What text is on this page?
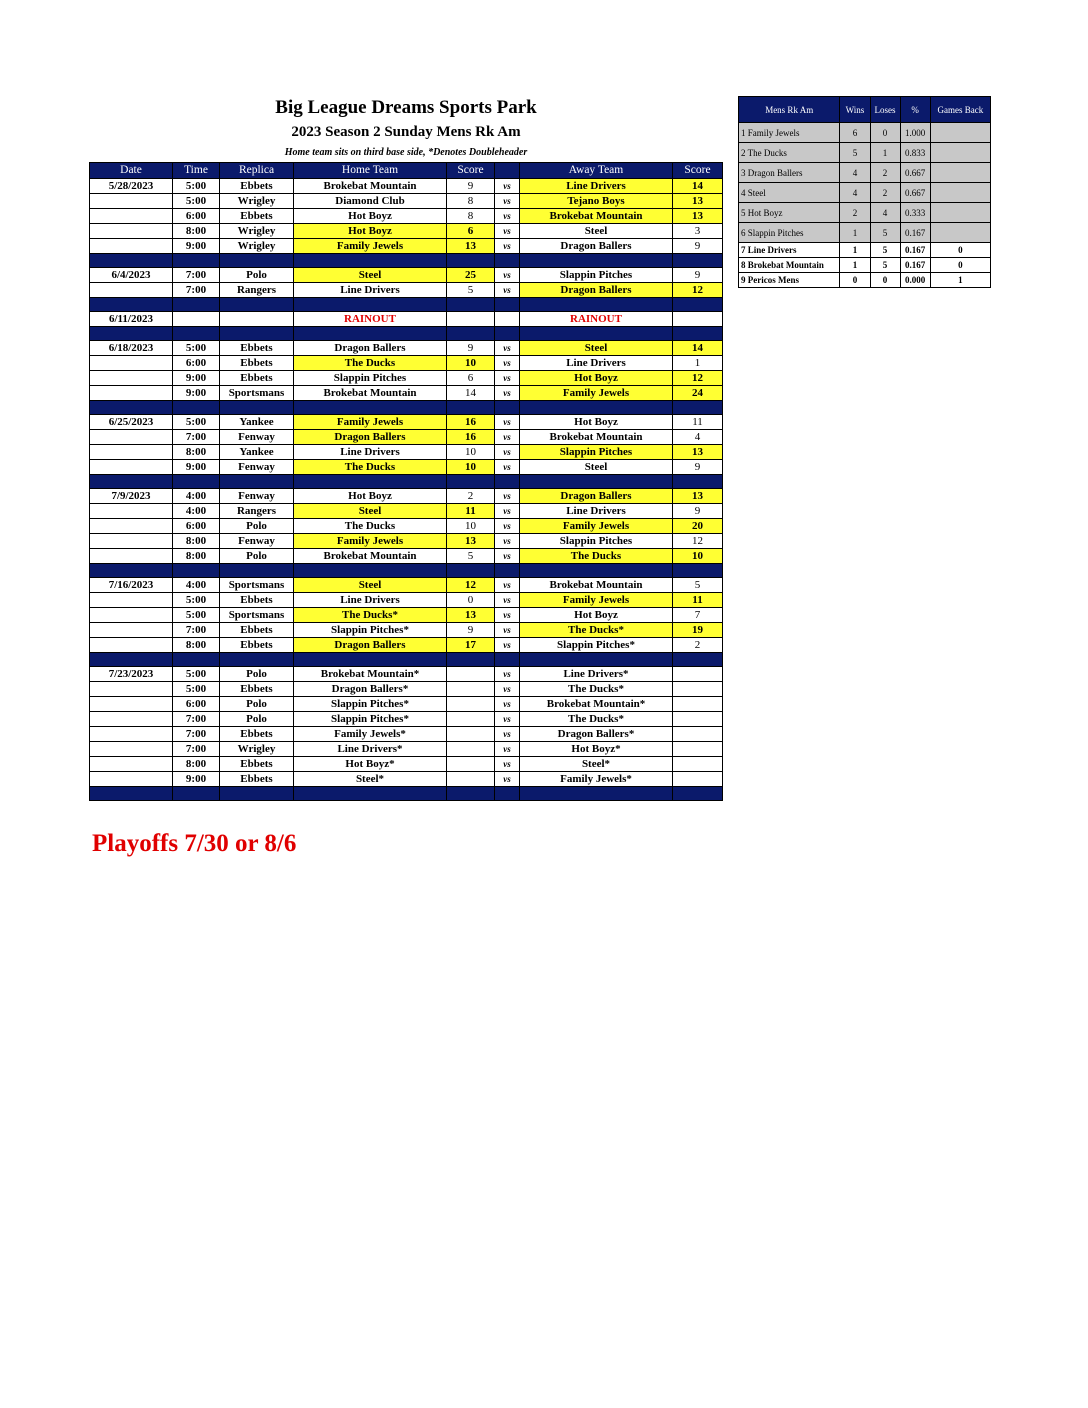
Big League Dreams Sports Park
2023 Season 2 Sunday Mens Rk Am
Home team sits on third base side, *Denotes Doubleheader
Date	Time	Replica	Home Team	Score		Away Team	Score
5/28/2023	5:00	Ebbets	Brokebat Mountain	9	vs	Line Drivers	14
	5:00	Wrigley	Diamond Club	8	vs	Tejano Boys	13
	6:00	Ebbets	Hot Boyz	8	vs	Brokebat Mountain	13
	8:00	Wrigley	Hot Boyz	6	vs	Steel	3
	9:00	Wrigley	Family Jewels	13	vs	Dragon Ballers	9

6/4/2023	7:00	Polo	Steel	25	vs	Slappin Pitches	9
	7:00	Rangers	Line Drivers	5	vs	Dragon Ballers	12

6/11/2023			RAINOUT			RAINOUT	

6/18/2023	5:00	Ebbets	Dragon Ballers	9	vs	Steel	14
	6:00	Ebbets	The Ducks	10	vs	Line Drivers	1
	9:00	Ebbets	Slappin Pitches	6	vs	Hot Boyz	12
	9:00	Sportsmans	Brokebat Mountain	14	vs	Family Jewels	24

6/25/2023	5:00	Yankee	Family Jewels	16	vs	Hot Boyz	11
	7:00	Fenway	Dragon Ballers	16	vs	Brokebat Mountain	4
	8:00	Yankee	Line Drivers	10	vs	Slappin Pitches	13
	9:00	Fenway	The Ducks	10	vs	Steel	9

7/9/2023	4:00	Fenway	Hot Boyz	2	vs	Dragon Ballers	13
	4:00	Rangers	Steel	11	vs	Line Drivers	9
	6:00	Polo	The Ducks	10	vs	Family Jewels	20
	8:00	Fenway	Family Jewels	13	vs	Slappin Pitches	12
	8:00	Polo	Brokebat Mountain	5	vs	The Ducks	10

7/16/2023	4:00	Sportsmans	Steel	12	vs	Brokebat Mountain	5
	5:00	Ebbets	Line Drivers	0	vs	Family Jewels	11
	5:00	Sportsmans	The Ducks*	13	vs	Hot Boyz	7
	7:00	Ebbets	Slappin Pitches*	9	vs	The Ducks*	19
	8:00	Ebbets	Dragon Ballers	17	vs	Slappin Pitches*	2

7/23/2023	5:00	Polo	Brokebat Mountain*		vs	Line Drivers*	
	5:00	Ebbets	Dragon Ballers*		vs	The Ducks*	
	6:00	Polo	Slappin Pitches*		vs	Brokebat Mountain*	
	7:00	Polo	Slappin Pitches*		vs	The Ducks*	
	7:00	Ebbets	Family Jewels*		vs	Dragon Ballers*	
	7:00	Wrigley	Line Drivers*		vs	Hot Boyz*	
	8:00	Ebbets	Hot Boyz*		vs	Steel*	
	9:00	Ebbets	Steel*		vs	Family Jewels*	

Mens Rk Am	Wins	Loses	%	Games Back
1 Family Jewels	6	0	1.000	
2 The Ducks	5	1	0.833	
3 Dragon Ballers	4	2	0.667	
4 Steel	4	2	0.667	
5 Hot Boyz	2	4	0.333	
6 Slappin Pitches	1	5	0.167	
7 Line Drivers	1	5	0.167	0
8 Brokebat Mountain	1	5	0.167	0
9 Pericos Mens	0	0	0.000	1
Playoffs 7/30 or 8/6
